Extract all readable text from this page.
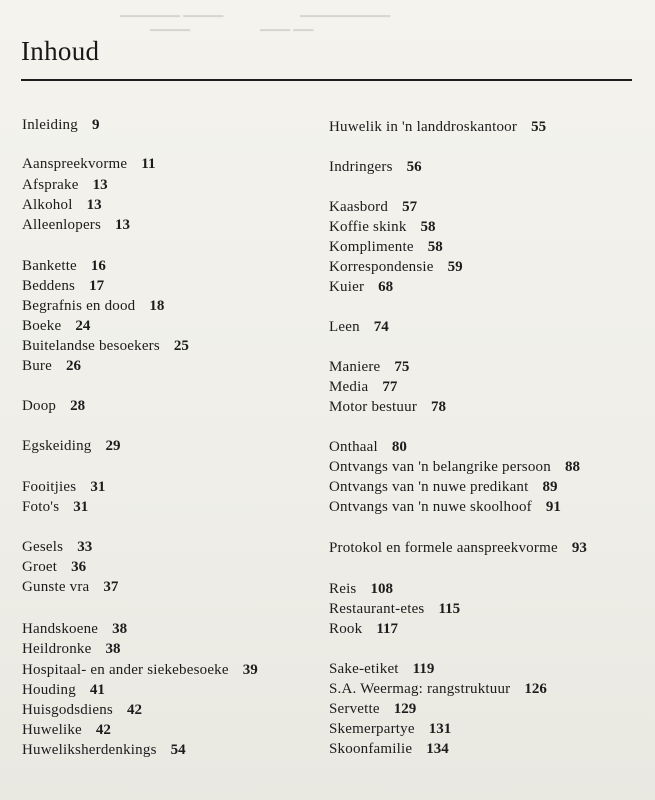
▁▁▁▁▁▁ ▁▁▁▁	▁▁▁▁▁▁▁▁▁
▁▁▁▁	▁▁▁ ▁▁
Inhoud
Inleiding 9
Aanspreekvorme 11
Afsprake 13
Alkohol 13
Alleenlopers 13
Bankette 16
Beddens 17
Begrafnis en dood 18
Boeke 24
Buitelandse besoekers 25
Bure 26
Doop 28
Egskeiding 29
Fooitjies 31
Foto's 31
Gesels 33
Groet 36
Gunste vra 37
Handskoene 38
Heildronke 38
Hospitaal- en ander siekebesoeke 39
Houding 41
Huisgodsdiens 42
Huwelike 42
Huweliksherdenkings 54
Huwelik in 'n landdroskantoor 55
Indringers 56
Kaasbord 57
Koffie skink 58
Komplimente 58
Korrespondensie 59
Kuier 68
Leen 74
Maniere 75
Media 77
Motor bestuur 78
Onthaal 80
Ontvangs van 'n belangrike persoon 88
Ontvangs van 'n nuwe predikant 89
Ontvangs van 'n nuwe skoolhoof 91
Protokol en formele aanspreekvorme 93
Reis 108
Restaurant-etes 115
Rook 117
Sake-etiket 119
S.A. Weermag: rangstruktuur 126
Servette 129
Skemerpartye 131
Skoonfamilie 134
